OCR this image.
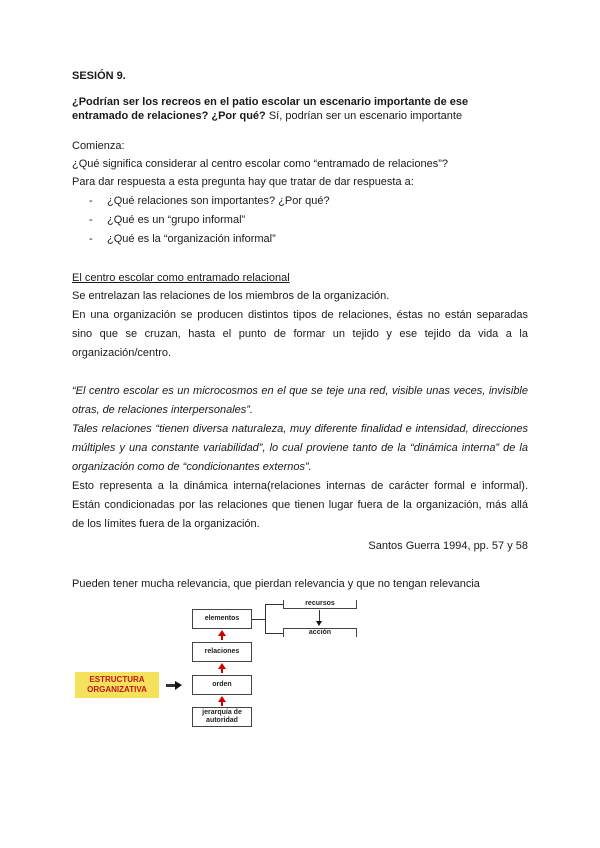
SESIÓN 9.
¿Podrían ser los recreos en el patio escolar un escenario importante de ese
entramado de relaciones? ¿Por qué? Sí, podrían ser un escenario importante
Comienza:
¿Qué significa considerar al centro escolar como “entramado de relaciones”?
Para dar respuesta a esta pregunta hay que tratar de dar respuesta a:
- ¿Qué relaciones son importantes? ¿Por qué?
- ¿Qué es un “grupo informal”
- ¿Qué es la “organización informal”
El centro escolar como entramado relacional
Se entrelazan las relaciones de los miembros de la organización.
En una organización se producen distintos tipos de relaciones, éstas no están separadas
sino que se cruzan, hasta el punto de formar un tejido y ese tejido da vida a la
organización/centro.
“El centro escolar es un microcosmos en el que se teje una red, visible unas veces, invisible
otras, de relaciones interpersonales”.
Tales relaciones “tienen diversa naturaleza, muy diferente finalidad e intensidad, direcciones
múltiples y una constante variabilidad”, lo cual proviene tanto de la “dinámica interna” de la
organización como de “condicionantes externos”.
Esto representa a la dinámica interna(relaciones internas de carácter formal e informal).
Están condicionadas por las relaciones que tienen lugar fuera de la organización, más allá
de los límites fuera de la organización.
Santos Guerra 1994, pp. 57 y 58
Pueden tener mucha relevancia, que pierdan relevancia y que no tengan relevancia
ESTRUCTURA
ORGANIZATIVA
elementos
recursos
acción
relaciones
orden
jerarquía de
autoridad
